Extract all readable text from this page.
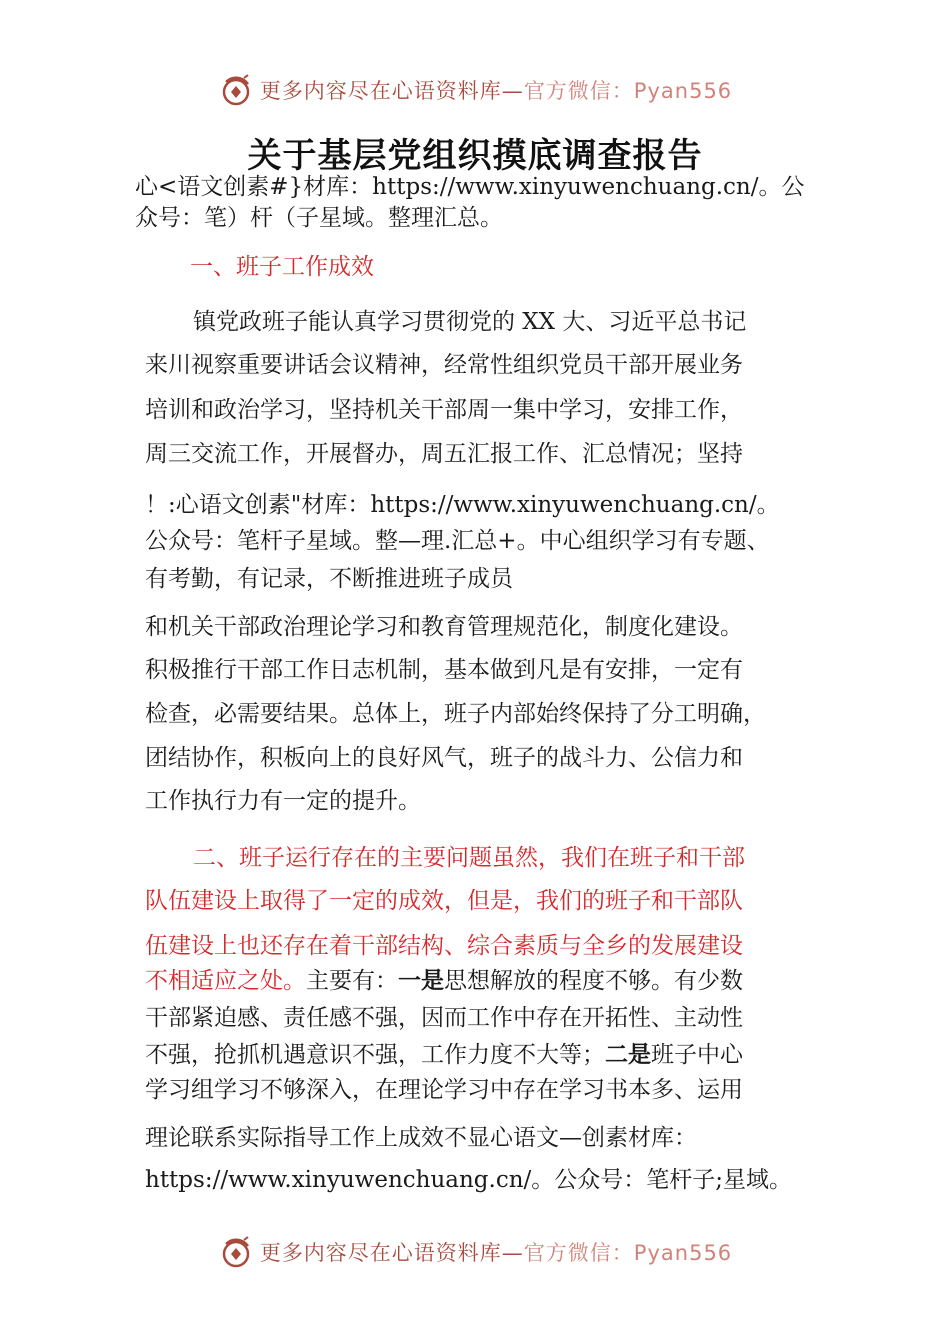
更多内容尽在心语资料库—官方微信：Pyan556
关于基层党组织摸底调查报告
心<语文创素#}材库：https://www.xinyuwenchuang.cn/。公
众号：笔）杆（子星域。整理汇总。
一、班子工作成效
镇党政班子能认真学习贯彻党的 XX 大、习近平总书记
来川视察重要讲话会议精神，经常性组织党员干部开展业务
培训和政治学习，坚持机关干部周一集中学习，安排工作，
周三交流工作，开展督办，周五汇报工作、汇总情况；坚持
！:心语文创素"材库：https://www.xinyuwenchuang.cn/。
公众号：笔杆子星域。整—理.汇总+。中心组织学习有专题、
有考勤，有记录，不断推进班子成员
和机关干部政治理论学习和教育管理规范化，制度化建设。
积极推行干部工作日志机制，基本做到凡是有安排，一定有
检查，必需要结果。总体上，班子内部始终保持了分工明确，
团结协作，积板向上的良好风气，班子的战斗力、公信力和
工作执行力有一定的提升。
二、班子运行存在的主要问题虽然，我们在班子和干部
队伍建设上取得了一定的成效，但是，我们的班子和干部队
伍建设上也还存在着干部结构、综合素质与全乡的发展建设
不相适应之处。主要有：一是思想解放的程度不够。有少数
干部紧迫感、责任感不强，因而工作中存在开拓性、主动性
不强，抢抓机遇意识不强，工作力度不大等；二是班子中心
学习组学习不够深入，在理论学习中存在学习书本多、运用
理论联系实际指导工作上成效不显心语文—创素材库：
https://www.xinyuwenchuang.cn/。公众号：笔杆子;星域。
更多内容尽在心语资料库—官方微信：Pyan556
